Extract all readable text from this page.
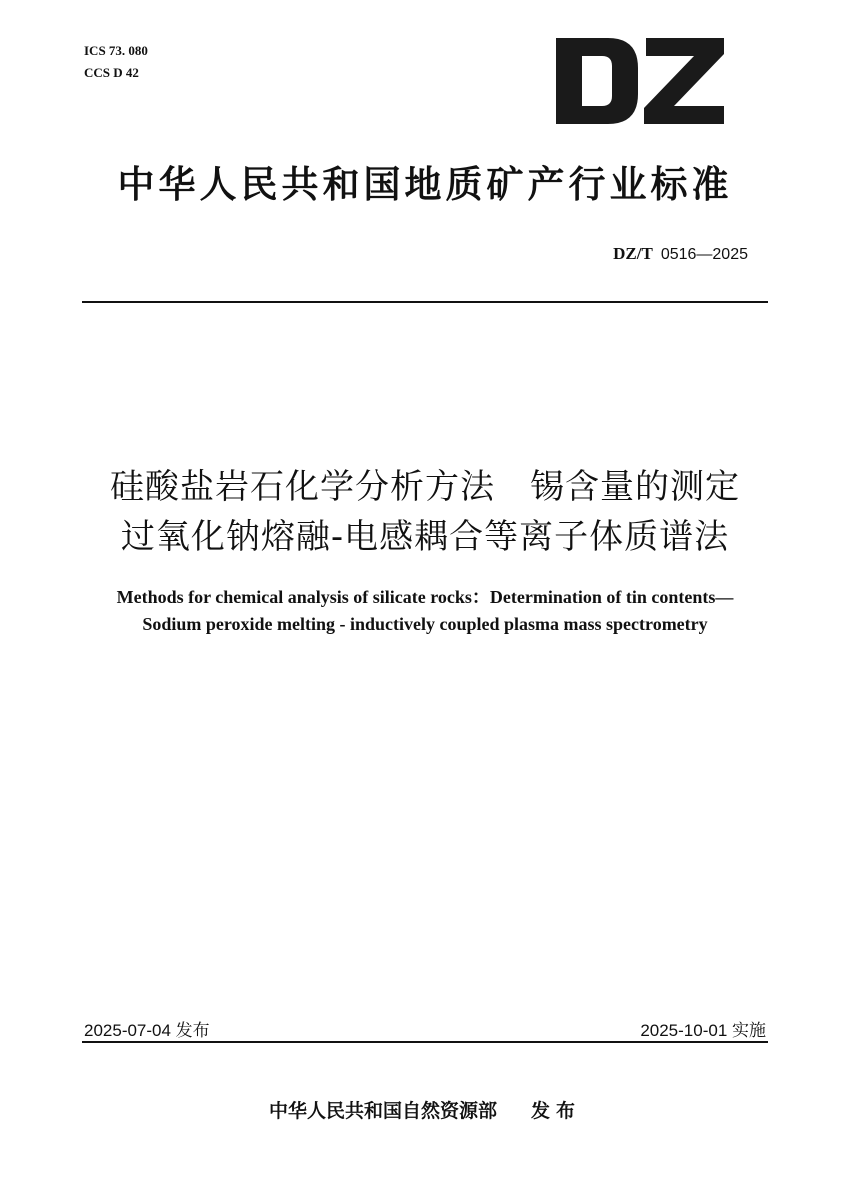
ICS 73. 080
CCS D 42
中华人民共和国地质矿产行业标准
DZ/T 0516—2025
硅酸盐岩石化学分析方法　锡含量的测定
过氧化钠熔融-电感耦合等离子体质谱法
Methods for chemical analysis of silicate rocks：Determination of tin contents—
Sodium peroxide melting - inductively coupled plasma mass spectrometry
2025-07-04 发布	2025-10-01 实施
中华人民共和国自然资源部 发布
